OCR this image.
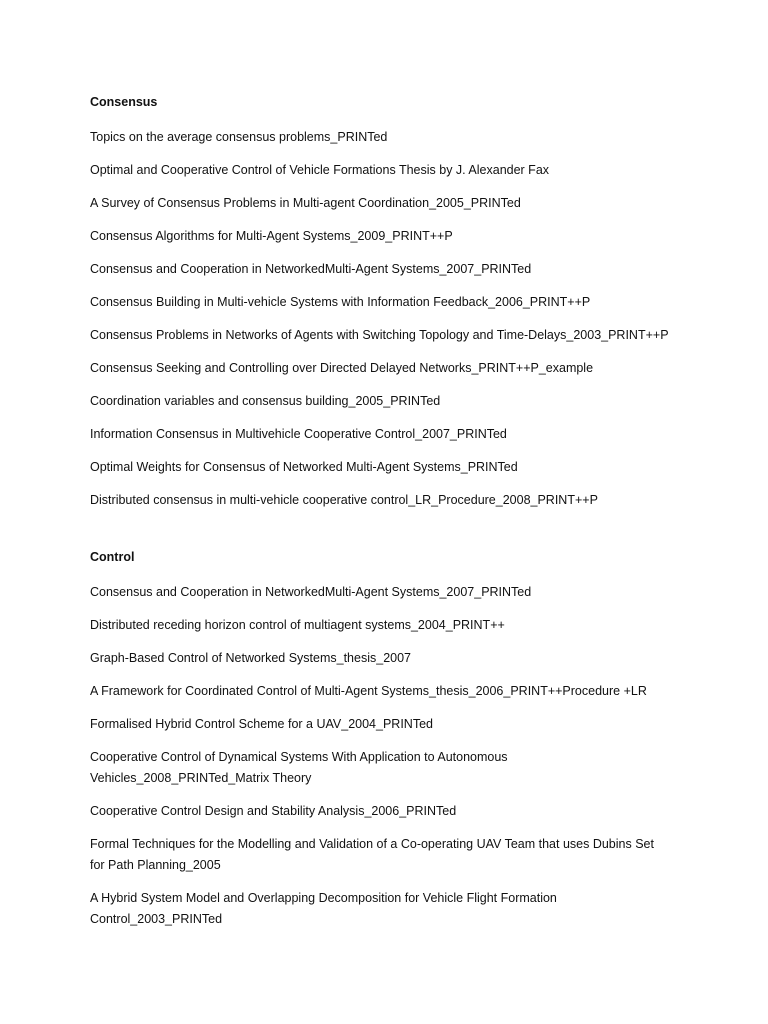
Consensus
Topics on the average consensus problems_PRINTed
Optimal and Cooperative Control of Vehicle Formations Thesis by J. Alexander Fax
A Survey of Consensus Problems in Multi-agent Coordination_2005_PRINTed
Consensus Algorithms for Multi-Agent Systems_2009_PRINT++P
Consensus and Cooperation in NetworkedMulti-Agent Systems_2007_PRINTed
Consensus Building in Multi-vehicle Systems with Information Feedback_2006_PRINT++P
Consensus Problems in Networks of Agents with Switching Topology and Time-Delays_2003_PRINT++P
Consensus Seeking and Controlling over Directed Delayed Networks_PRINT++P_example
Coordination variables and consensus building_2005_PRINTed
Information Consensus in Multivehicle Cooperative Control_2007_PRINTed
Optimal Weights for Consensus of Networked Multi-Agent Systems_PRINTed
Distributed consensus in multi-vehicle cooperative control_LR_Procedure_2008_PRINT++P
Control
Consensus and Cooperation in NetworkedMulti-Agent Systems_2007_PRINTed
Distributed receding horizon control of multiagent systems_2004_PRINT++
Graph-Based Control of Networked Systems_thesis_2007
A Framework for Coordinated Control of Multi-Agent Systems_thesis_2006_PRINT++Procedure +LR
Formalised Hybrid Control Scheme for a UAV_2004_PRINTed
Cooperative Control of Dynamical Systems With Application to Autonomous Vehicles_2008_PRINTed_Matrix Theory
Cooperative Control Design and Stability Analysis_2006_PRINTed
Formal Techniques for the Modelling and Validation of a Co-operating UAV Team that uses Dubins Set for Path Planning_2005
A Hybrid System Model and Overlapping Decomposition for Vehicle Flight Formation Control_2003_PRINTed
